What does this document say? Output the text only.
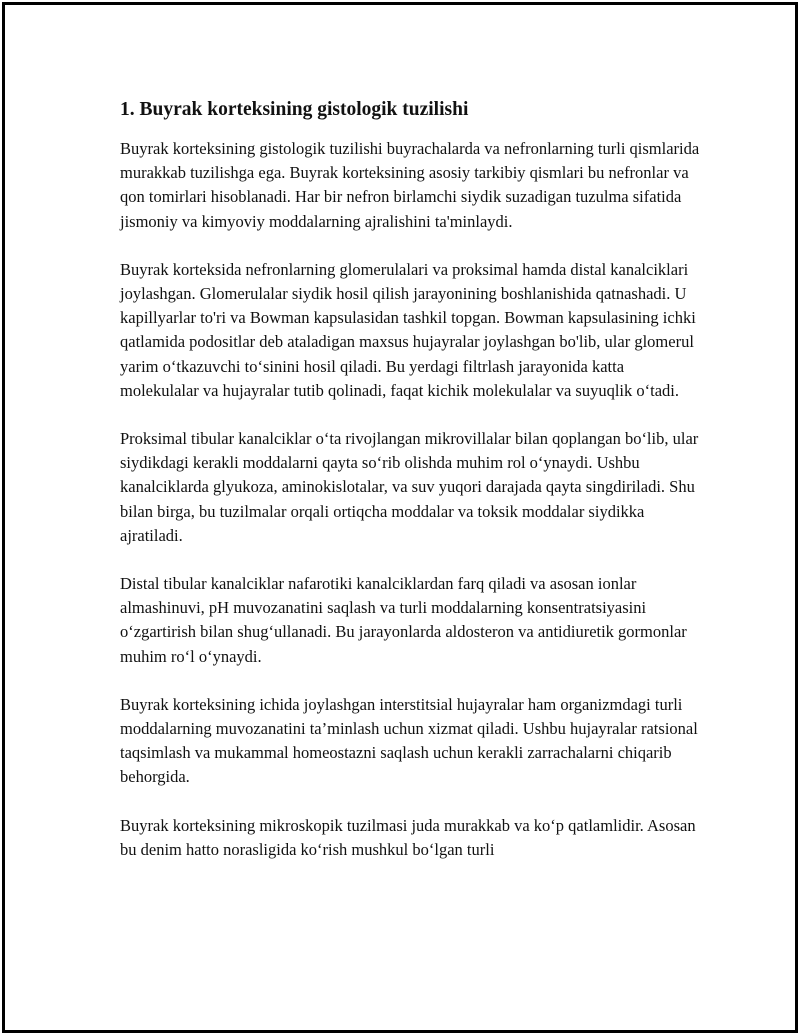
1. Buyrak korteksining gistologik tuzilishi

Buyrak korteksining gistologik tuzilishi buyrachalarda va nefronlarning turli qismlarida murakkab tuzilishga ega. Buyrak korteksining asosiy tarkibiy qismlari bu nefronlar va qon tomirlari hisoblanadi. Har bir nefron birlamchi siydik suzadigan tuzulma sifatida jismoniy va kimyoviy moddalarning ajralishini ta'minlaydi.

Buyrak korteksida nefronlarning glomerulalari va proksimal hamda distal kanalciklari joylashgan. Glomerulalar siydik hosil qilish jarayonining boshlanishida qatnashadi. U kapillyarlar to'ri va Bowman kapsulasidan tashkil topgan. Bowman kapsulasining ichki qatlamida podositlar deb ataladigan maxsus hujayralar joylashgan bo'lib, ular glomerul yarim o‘tkazuvchi to‘sinini hosil qiladi. Bu yerdagi filtrlash jarayonida katta molekulalar va hujayralar tutib qolinadi, faqat kichik molekulalar va suyuqlik o‘tadi.

Proksimal tibular kanalciklar o‘ta rivojlangan mikrovillalar bilan qoplangan bo‘lib, ular siydikdagi kerakli moddalarni qayta so‘rib olishda muhim rol o‘ynaydi. Ushbu kanalciklarda glyukoza, aminokislotalar, va suv yuqori darajada qayta singdiriladi. Shu bilan birga, bu tuzilmalar orqali ortiqcha moddalar va toksik moddalar siydikka ajratiladi.

Distal tibular kanalciklar nafarotiki kanalciklardan farq qiladi va asosan ionlar almashinuvi, pH muvozanatini saqlash va turli moddalarning konsentratsiyasini o‘zgartirish bilan shug‘ullanadi. Bu jarayonlarda aldosteron va antidiuretik gormonlar muhim ro‘l o‘ynaydi.

Buyrak korteksining ichida joylashgan interstitsial hujayralar ham organizmdagi turli moddalarning muvozanatini ta’minlash uchun xizmat qiladi. Ushbu hujayralar ratsional taqsimlash va mukammal homeostazni saqlash uchun kerakli zarrachalarni chiqarib behorgida.

Buyrak korteksining mikroskopik tuzilmasi juda murakkab va ko‘p qatlamlidir. Asosan bu denim hatto norasligida ko‘rish mushkul bo‘lgan turli
